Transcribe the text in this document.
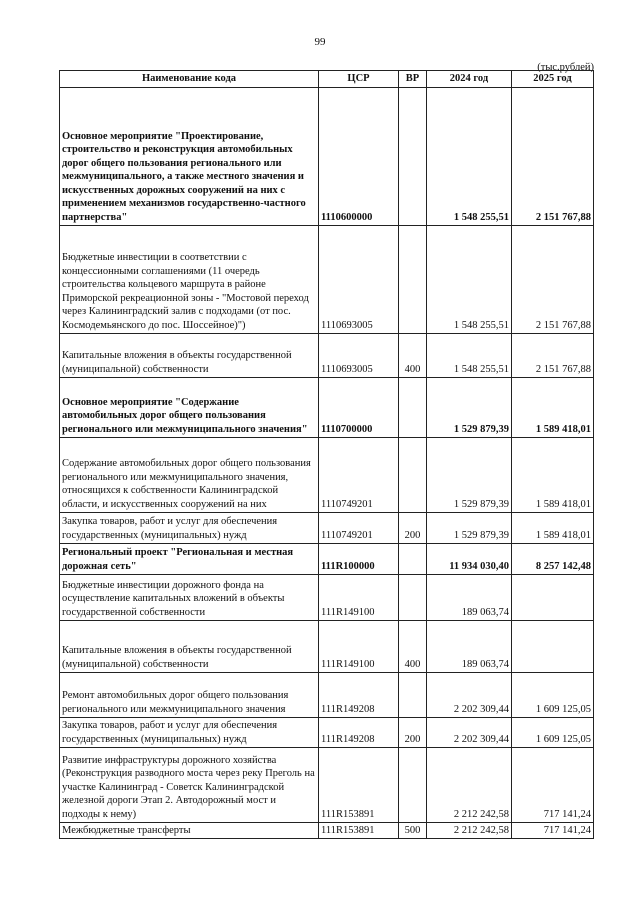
99
(тыс.рублей)
Наименование кода	ЦСР	ВР	2024 год	2025 год
Основное мероприятие "Проектирование, строительство и реконструкция автомобильных дорог общего пользования регионального или межмуниципального, а также местного значения и искусственных дорожных сооружений на них с применением механизмов государственно-частного партнерства"	1110600000		1 548 255,51	2 151 767,88
Бюджетные инвестиции в соответствии с концессионными соглашениями (11 очередь строительства кольцевого маршрута в районе Приморской рекреационной зоны - "Мостовой переход через Калининградский залив с подходами (от пос. Космодемьянского до пос. Шоссейное)")	1110693005		1 548 255,51	2 151 767,88
Капитальные вложения в объекты государственной (муниципальной) собственности	1110693005	400	1 548 255,51	2 151 767,88
Основное мероприятие "Содержание автомобильных дорог общего пользования регионального или межмуниципального значения"	1110700000		1 529 879,39	1 589 418,01
Содержание автомобильных дорог общего пользования регионального или межмуниципального значения, относящихся к собственности Калининградской области, и искусственных сооружений на них	1110749201		1 529 879,39	1 589 418,01
Закупка товаров, работ и услуг для обеспечения государственных (муниципальных) нужд	1110749201	200	1 529 879,39	1 589 418,01
Региональный проект "Региональная и местная дорожная сеть"	111R100000		11 934 030,40	8 257 142,48
Бюджетные инвестиции дорожного фонда на осуществление капитальных вложений в объекты государственной собственности	111R149100		189 063,74	
Капитальные вложения в объекты государственной (муниципальной) собственности	111R149100	400	189 063,74	
Ремонт автомобильных дорог общего пользования регионального или межмуниципального значения	111R149208		2 202 309,44	1 609 125,05
Закупка товаров, работ и услуг для обеспечения государственных (муниципальных) нужд	111R149208	200	2 202 309,44	1 609 125,05
Развитие инфраструктуры дорожного хозяйства (Реконструкция разводного моста через реку Преголь на участке Калининград - Советск Калининградской железной дороги Этап 2. Автодорожный мост и подходы к нему)	111R153891		2 212 242,58	717 141,24
Межбюджетные трансферты	111R153891	500	2 212 242,58	717 141,24
